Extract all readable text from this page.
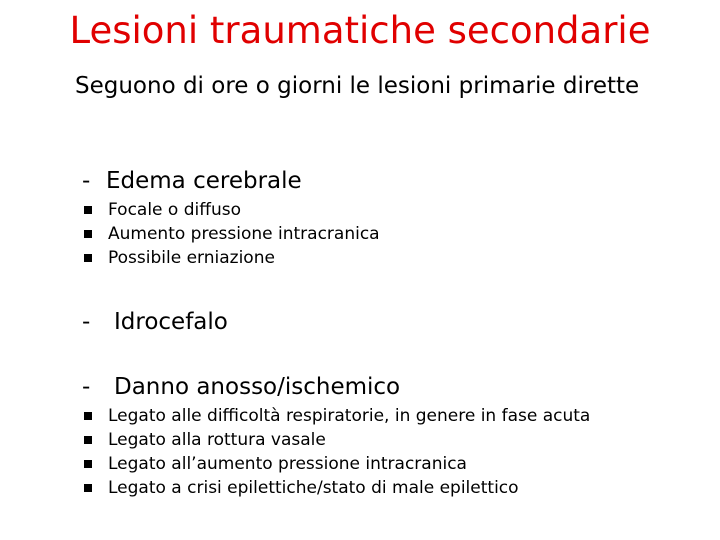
Lesioni traumatiche secondarie
Seguono di ore o giorni le lesioni primarie dirette
- Edema cerebrale
Focale o diffuso
Aumento pressione intracranica
Possibile erniazione
- Idrocefalo
- Danno anosso/ischemico
Legato alle difficoltà respiratorie, in genere in fase acuta
Legato alla rottura vasale
Legato all’aumento pressione intracranica
Legato a crisi epilettiche/stato di male epilettico
